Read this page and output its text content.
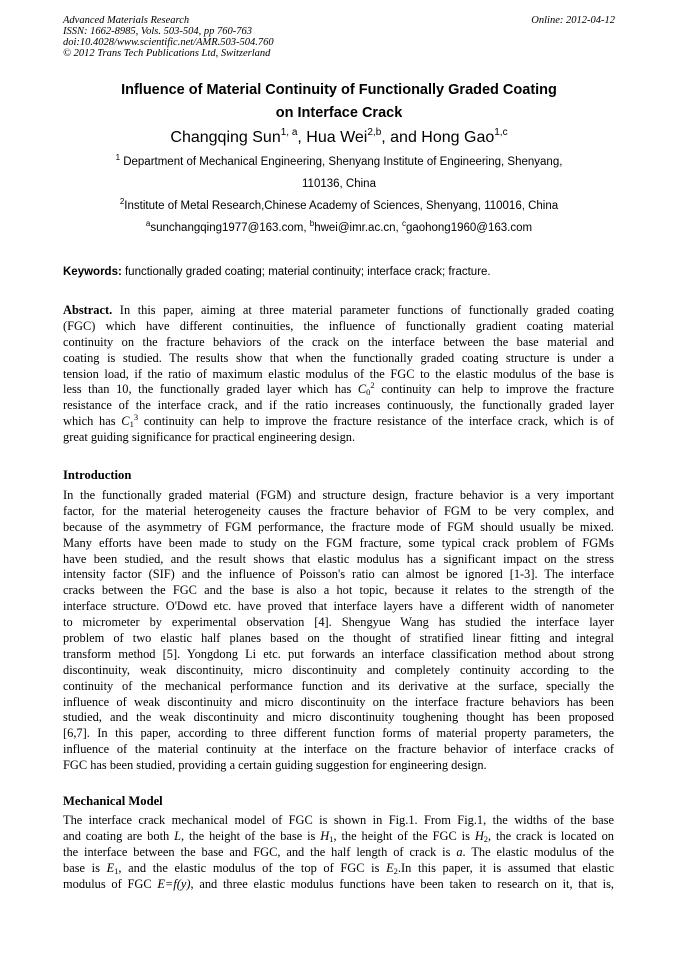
Advanced Materials Research
ISSN: 1662-8985, Vols. 503-504, pp 760-763
doi:10.4028/www.scientific.net/AMR.503-504.760
© 2012 Trans Tech Publications Ltd, Switzerland
Online: 2012-04-12
Influence of Material Continuity of Functionally Graded Coating
on Interface Crack
Changqing Sun$^{1, a}$, Hua Wei$^{2,b}$, and Hong Gao$^{1,c}$
$^1$ Department of Mechanical Engineering, Shenyang Institute of Engineering, Shenyang,
110136, China
$^2$Institute of Metal Research,Chinese Academy of Sciences, Shenyang, 110016, China
$^a$sunchangqing1977@163.com, $^b$hwei@imr.ac.cn, $^c$gaohong1960@163.com
Keywords: functionally graded coating; material continuity; interface crack; fracture.
Abstract. In this paper, aiming at three material parameter functions of functionally graded coating
(FGC) which have different continuities, the influence of functionally gradient coating material
continuity on the fracture behaviors of the crack on the interface between the base material and
coating is studied. The results show that when the functionally graded coating structure is under a
tension load, if the ratio of maximum elastic modulus of the FGC to the elastic modulus of the base is
less than 10, the functionally graded layer which has $C_0^2$ continuity can help to improve the fracture
resistance of the interface crack, and if the ratio increases continuously, the functionally graded layer
which has $C_1^3$ continuity can help to improve the fracture resistance of the interface crack, which is of
great guiding significance for practical engineering design.
Introduction
In the functionally graded material (FGM) and structure design, fracture behavior is a very important
factor, for the material heterogeneity causes the fracture behavior of FGM to be very complex, and
because of the asymmetry of FGM performance, the fracture mode of FGM should usually be mixed.
Many efforts have been made to study on the FGM fracture, some typical crack problem of FGMs
have been studied, and the result shows that elastic modulus has a significant impact on the stress
intensity factor (SIF) and the influence of Poisson's ratio can almost be ignored [1-3]. The interface
cracks between the FGC and the base is also a hot topic, because it relates to the strength of the
interface structure. O'Dowd etc. have proved that interface layers have a different width of nanometer
to micrometer by experimental observation [4]. Shengyue Wang has studied the interface layer
problem of two elastic half planes based on the thought of stratified linear fitting and integral
transform method [5]. Yongdong Li etc. put forwards an interface classification method about strong
discontinuity, weak discontinuity, micro discontinuity and completely continuity according to the
continuity of the mechanical performance function and its derivative at the surface, specially the
influence of weak discontinuity and micro discontinuity on the interface fracture behaviors has been
studied, and the weak discontinuity and micro discontinuity toughening thought has been proposed
[6,7]. In this paper, according to three different function forms of material property parameters, the
influence of the material continuity at the interface on the fracture behavior of interface cracks of
FGC has been studied, providing a certain guiding suggestion for engineering design.
Mechanical Model
The interface crack mechanical model of FGC is shown in Fig.1. From Fig.1, the widths of the base
and coating are both L, the height of the base is $H_1$, the height of the FGC is $H_2$, the crack is located on
the interface between the base and FGC, and the half length of crack is a. The elastic modulus of the
base is $E_1$, and the elastic modulus of the top of FGC is $E_2.In$ this paper, it is assumed that elastic
modulus of FGC E=f(y), and three elastic modulus functions have been taken to research on it, that is,
